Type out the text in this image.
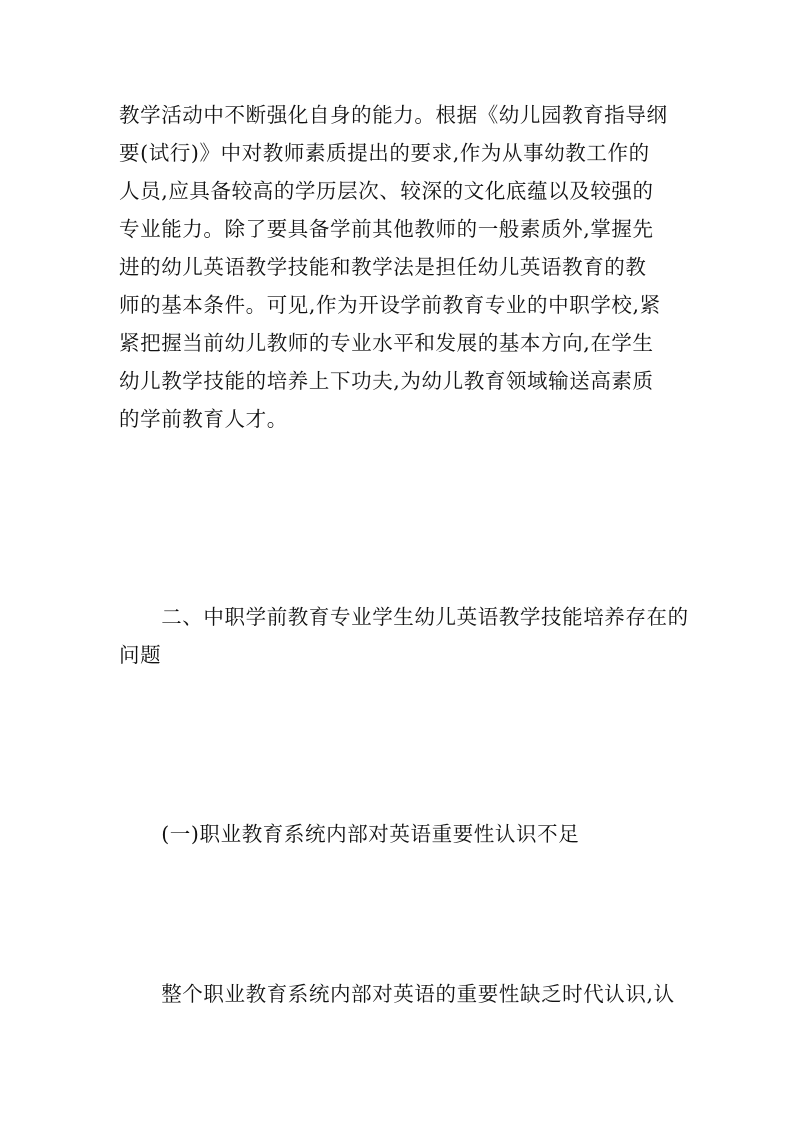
教学活动中不断强化自身的能力。根据《幼儿园教育指导纲
要(试行)》中对教师素质提出的要求,作为从事幼教工作的
人员,应具备较高的学历层次、较深的文化底蕴以及较强的
专业能力。除了要具备学前其他教师的一般素质外,掌握先
进的幼儿英语教学技能和教学法是担任幼儿英语教育的教
师的基本条件。可见,作为开设学前教育专业的中职学校,紧
紧把握当前幼儿教师的专业水平和发展的基本方向,在学生
幼儿教学技能的培养上下功夫,为幼儿教育领域输送高素质
的学前教育人才。

　　二、中职学前教育专业学生幼儿英语教学技能培养存在的
问题

　　(一)职业教育系统内部对英语重要性认识不足

　　整个职业教育系统内部对英语的重要性缺乏时代认识,认
